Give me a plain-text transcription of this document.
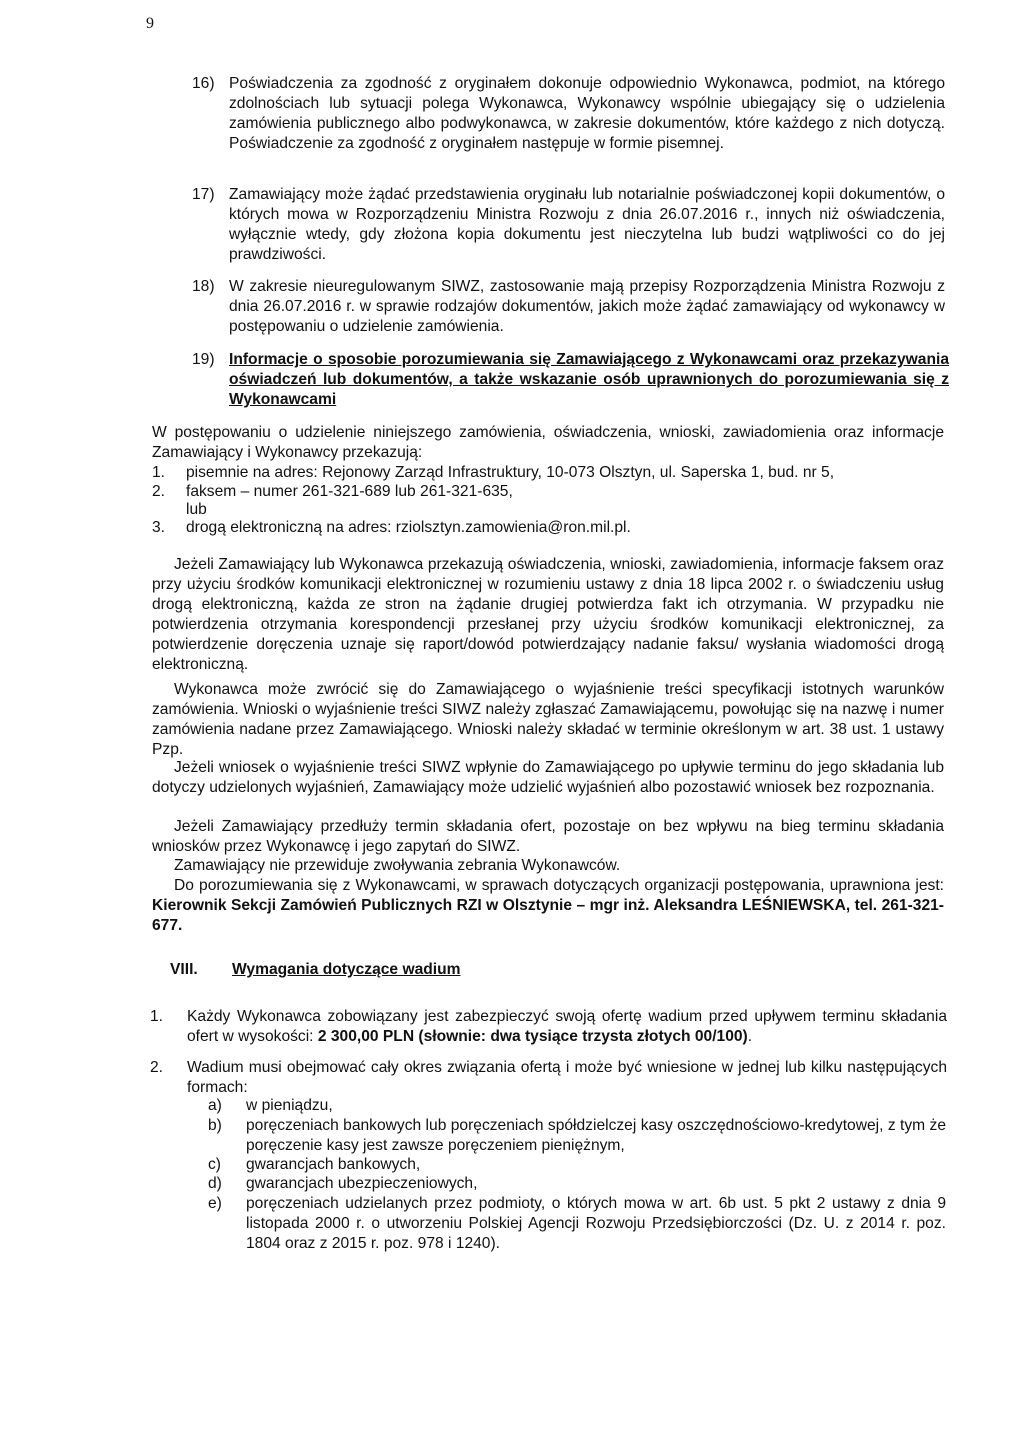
9
16) Poświadczenia za zgodność z oryginałem dokonuje odpowiednio Wykonawca, podmiot, na którego zdolnościach lub sytuacji polega Wykonawca, Wykonawcy wspólnie ubiegający się o udzielenia zamówienia publicznego albo podwykonawca, w zakresie dokumentów, które każdego z nich dotyczą. Poświadczenie za zgodność z oryginałem następuje w formie pisemnej.

17) Zamawiający może żądać przedstawienia oryginału lub notarialnie poświadczonej kopii dokumentów, o których mowa w Rozporządzeniu Ministra Rozwoju z dnia 26.07.2016 r., innych niż oświadczenia, wyłącznie wtedy, gdy złożona kopia dokumentu jest nieczytelna lub budzi wątpliwości co do jej prawdziwości.

18) W zakresie nieuregulowanym SIWZ, zastosowanie mają przepisy Rozporządzenia Ministra Rozwoju z dnia 26.07.2016 r. w sprawie rodzajów dokumentów, jakich może żądać zamawiający od wykonawcy w postępowaniu o udzielenie zamówienia.

19) Informacje o sposobie porozumiewania się Zamawiającego z Wykonawcami oraz przekazywania oświadczeń lub dokumentów, a także wskazanie osób uprawnionych do porozumiewania się z Wykonawcami

W postępowaniu o udzielenie niniejszego zamówienia, oświadczenia, wnioski, zawiadomienia oraz informacje Zamawiający i Wykonawcy przekazują:

1. pisemnie na adres: Rejonowy Zarząd Infrastruktury, 10-073 Olsztyn, ul. Saperska 1, bud. nr 5,
2. faksem – numer 261-321-689 lub 261-321-635,
lub
3. drogą elektroniczną na adres: rziolsztyn.zamowienia@ron.mil.pl.

Jeżeli Zamawiający lub Wykonawca przekazują oświadczenia, wnioski, zawiadomienia, informacje faksem oraz przy użyciu środków komunikacji elektronicznej w rozumieniu ustawy z dnia 18 lipca 2002 r. o świadczeniu usług drogą elektroniczną, każda ze stron na żądanie drugiej potwierdza fakt ich otrzymania. W przypadku nie potwierdzenia otrzymania korespondencji przesłanej przy użyciu środków komunikacji elektronicznej, za potwierdzenie doręczenia uznaje się raport/dowód potwierdzający nadanie faksu/ wysłania wiadomości drogą elektroniczną.

Wykonawca może zwrócić się do Zamawiającego o wyjaśnienie treści specyfikacji istotnych warunków zamówienia. Wnioski o wyjaśnienie treści SIWZ należy zgłaszać Zamawiającemu, powołując się na nazwę i numer zamówienia nadane przez Zamawiającego. Wnioski należy składać w terminie określonym w art. 38 ust. 1 ustawy Pzp.

Jeżeli wniosek o wyjaśnienie treści SIWZ wpłynie do Zamawiającego po upływie terminu do jego składania lub dotyczy udzielonych wyjaśnień, Zamawiający może udzielić wyjaśnień albo pozostawić wniosek bez rozpoznania.

Jeżeli Zamawiający przedłuży termin składania ofert, pozostaje on bez wpływu na bieg terminu składania wniosków przez Wykonawcę i jego zapytań do SIWZ.

Zamawiający nie przewiduje zwoływania zebrania Wykonawców.

Do porozumiewania się z Wykonawcami, w sprawach dotyczących organizacji postępowania, uprawniona jest: Kierownik Sekcji Zamówień Publicznych RZI w Olsztynie – mgr inż. Aleksandra LEŚNIEWSKA, tel. 261-321-677.

VIII. Wymagania dotyczące wadium
1. Każdy Wykonawca zobowiązany jest zabezpieczyć swoją ofertę wadium przed upływem terminu składania ofert w wysokości: 2 300,00 PLN (słownie: dwa tysiące trzysta złotych 00/100).

2. Wadium musi obejmować cały okres związania ofertą i może być wniesione w jednej lub kilku następujących formach:

a) w pieniądzu,
b) poręczeniach bankowych lub poręczeniach spółdzielczej kasy oszczędnościowo-kredytowej, z tym że poręczenie kasy jest zawsze poręczeniem pieniężnym,
c) gwarancjach bankowych,
d) gwarancjach ubezpieczeniowych,
e) poręczeniach udzielanych przez podmioty, o których mowa w art. 6b ust. 5 pkt 2 ustawy z dnia 9 listopada 2000 r. o utworzeniu Polskiej Agencji Rozwoju Przedsiębiorczości (Dz. U. z 2014 r. poz. 1804 oraz z 2015 r. poz. 978 i 1240).
